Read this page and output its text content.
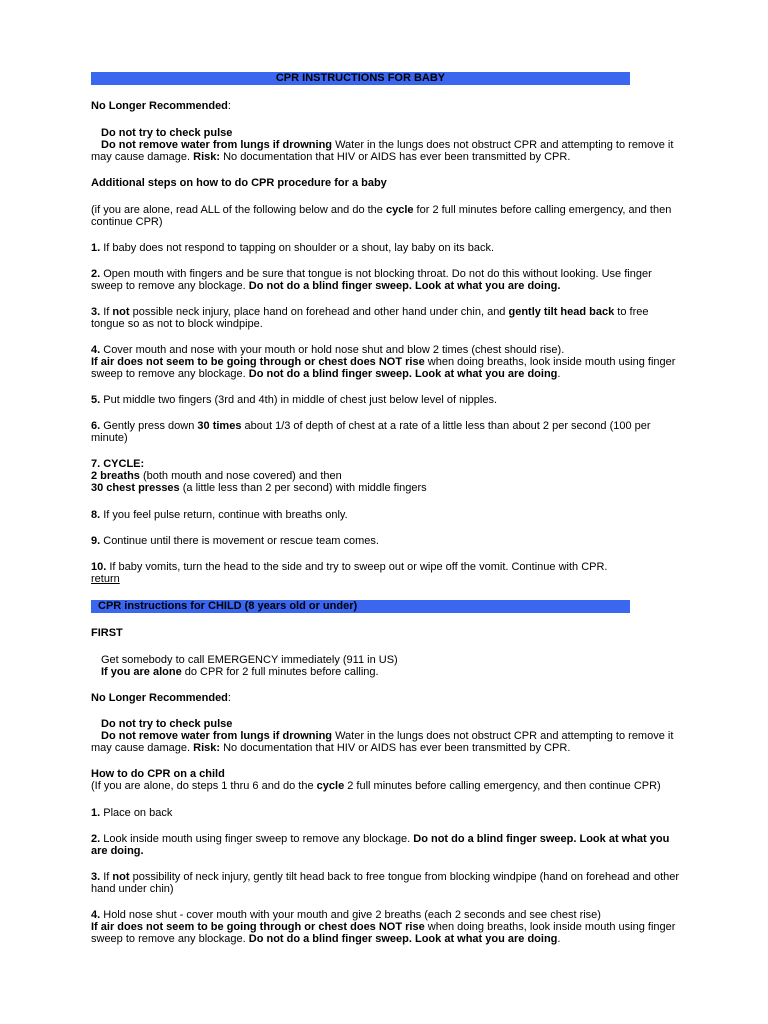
CPR INSTRUCTIONS FOR BABY

No Longer Recommended:

Do not try to check pulse
Do not remove water from lungs if drowning Water in the lungs does not obstruct CPR and attempting to remove it may cause damage. Risk: No documentation that HIV or AIDS has ever been transmitted by CPR.

Additional steps on how to do CPR procedure for a baby

(if you are alone, read ALL of the following below and do the cycle for 2 full minutes before calling emergency, and then continue CPR)

1. If baby does not respond to tapping on shoulder or a shout, lay baby on its back.

2. Open mouth with fingers and be sure that tongue is not blocking throat. Do not do this without looking. Use finger sweep to remove any blockage. Do not do a blind finger sweep. Look at what you are doing.

3. If not possible neck injury, place hand on forehead and other hand under chin, and gently tilt head back to free tongue so as not to block windpipe.

4. Cover mouth and nose with your mouth or hold nose shut and blow 2 times (chest should rise).
If air does not seem to be going through or chest does NOT rise when doing breaths, look inside mouth using finger sweep to remove any blockage. Do not do a blind finger sweep. Look at what you are doing.

5. Put middle two fingers (3rd and 4th) in middle of chest just below level of nipples.

6. Gently press down 30 times about 1/3 of depth of chest at a rate of a little less than about 2 per second (100 per minute)

7. CYCLE:
2 breaths (both mouth and nose covered) and then
30 chest presses (a little less than 2 per second) with middle fingers

8. If you feel pulse return, continue with breaths only.

9. Continue until there is movement or rescue team comes.

10. If baby vomits, turn the head to the side and try to sweep out or wipe off the vomit. Continue with CPR.
return

CPR instructions for CHILD (8 years old or under)

FIRST

Get somebody to call EMERGENCY immediately (911 in US)
If you are alone do CPR for 2 full minutes before calling.

No Longer Recommended:

Do not try to check pulse
Do not remove water from lungs if drowning Water in the lungs does not obstruct CPR and attempting to remove it may cause damage. Risk: No documentation that HIV or AIDS has ever been transmitted by CPR.

How to do CPR on a child
(If you are alone, do steps 1 thru 6 and do the cycle 2 full minutes before calling emergency, and then continue CPR)

1. Place on back

2. Look inside mouth using finger sweep to remove any blockage. Do not do a blind finger sweep. Look at what you are doing.

3. If not possibility of neck injury, gently tilt head back to free tongue from blocking windpipe (hand on forehead and other hand under chin)

4. Hold nose shut - cover mouth with your mouth and give 2 breaths (each 2 seconds and see chest rise)
If air does not seem to be going through or chest does NOT rise when doing breaths, look inside mouth using finger sweep to remove any blockage. Do not do a blind finger sweep. Look at what you are doing.
